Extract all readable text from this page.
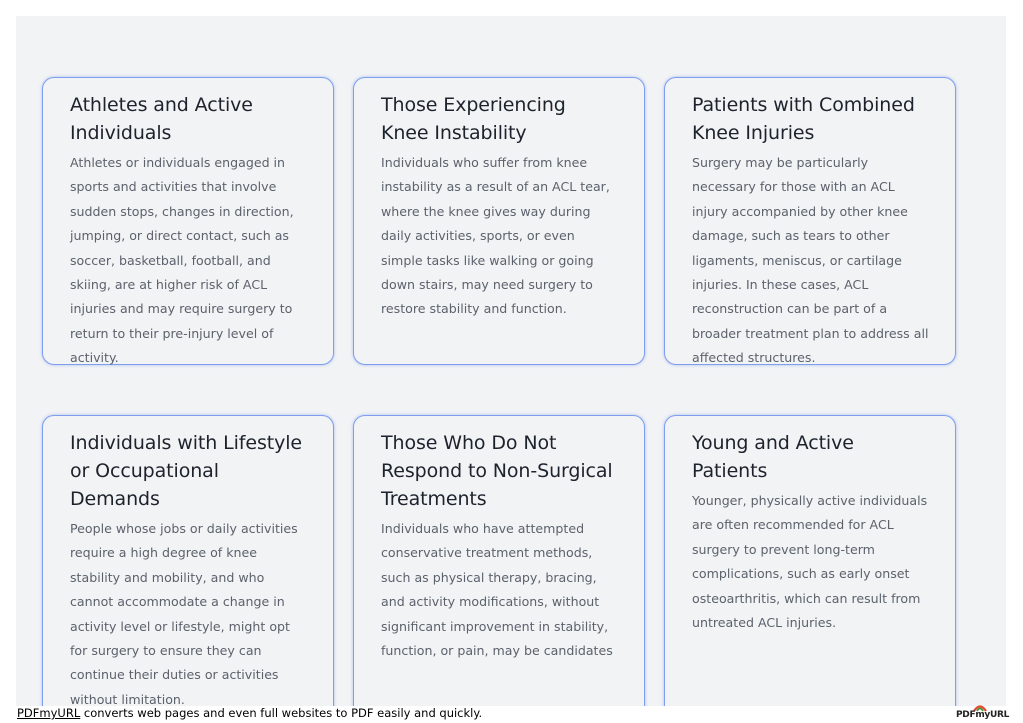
Athletes and Active Individuals

Athletes or individuals engaged in sports and activities that involve sudden stops, changes in direction, jumping, or direct contact, such as soccer, basketball, football, and skiing, are at higher risk of ACL injuries and may require surgery to return to their pre-injury level of activity.

Those Experiencing Knee Instability

Individuals who suffer from knee instability as a result of an ACL tear, where the knee gives way during daily activities, sports, or even simple tasks like walking or going down stairs, may need surgery to restore stability and function.

Patients with Combined Knee Injuries

Surgery may be particularly necessary for those with an ACL injury accompanied by other knee damage, such as tears to other ligaments, meniscus, or cartilage injuries. In these cases, ACL reconstruction can be part of a broader treatment plan to address all affected structures.

Individuals with Lifestyle or Occupational Demands

People whose jobs or daily activities require a high degree of knee stability and mobility, and who cannot accommodate a change in activity level or lifestyle, might opt for surgery to ensure they can continue their duties or activities without limitation.

Those Who Do Not Respond to Non-Surgical Treatments

Individuals who have attempted conservative treatment methods, such as physical therapy, bracing, and activity modifications, without significant improvement in stability, function, or pain, may be candidates

Young and Active Patients

Younger, physically active individuals are often recommended for ACL surgery to prevent long-term complications, such as early onset osteoarthritis, which can result from untreated ACL injuries.

PDFmyURL converts web pages and even full websites to PDF easily and quickly.	PDFmyURL
